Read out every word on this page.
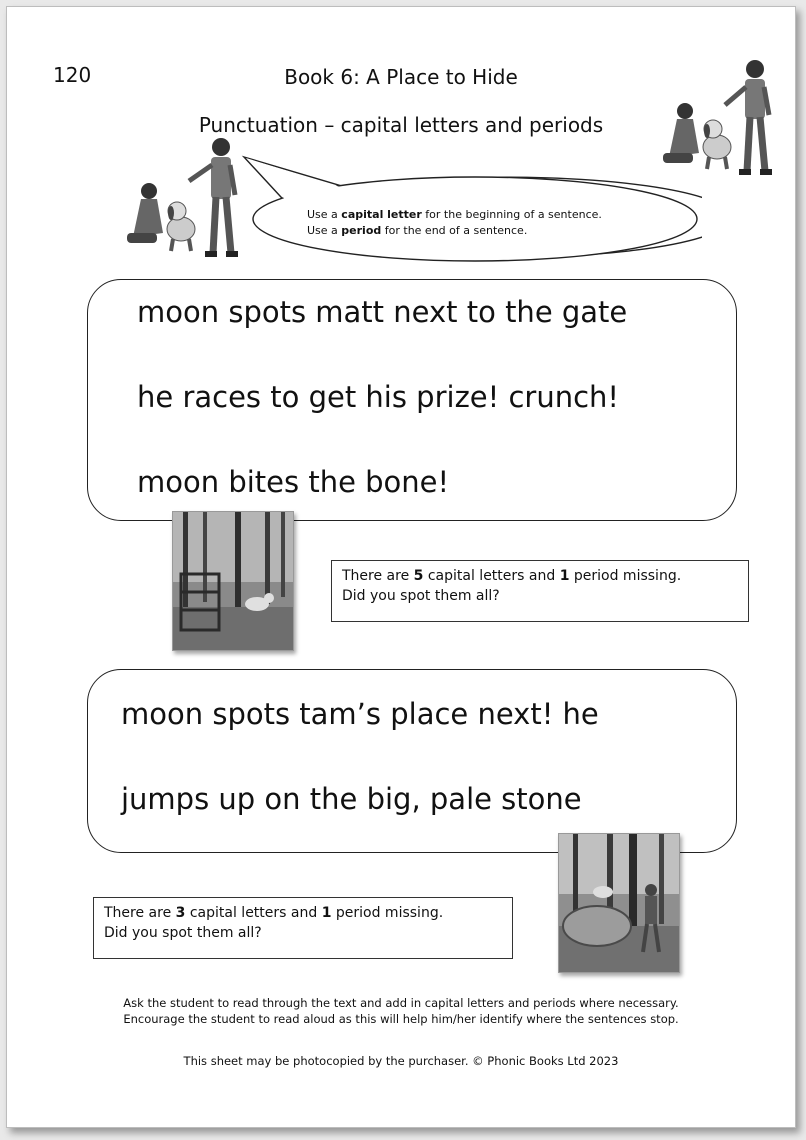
120	Book 6: A Place to Hide
Punctuation – capital letters and periods
Use a capital letter for the beginning of a sentence.
Use a period for the end of a sentence.
moon spots matt next to the gate
he races to get his prize! crunch!
moon bites the bone!
There are 5 capital letters and 1 period missing.
Did you spot them all?
moon spots tam’s place next! he
jumps up on the big, pale stone
There are 3 capital letters and 1 period missing.
Did you spot them all?
Ask the student to read through the text and add in capital letters and periods where necessary.
Encourage the student to read aloud as this will help him/her identify where the sentences stop.
This sheet may be photocopied by the purchaser. © Phonic Books Ltd 2023
